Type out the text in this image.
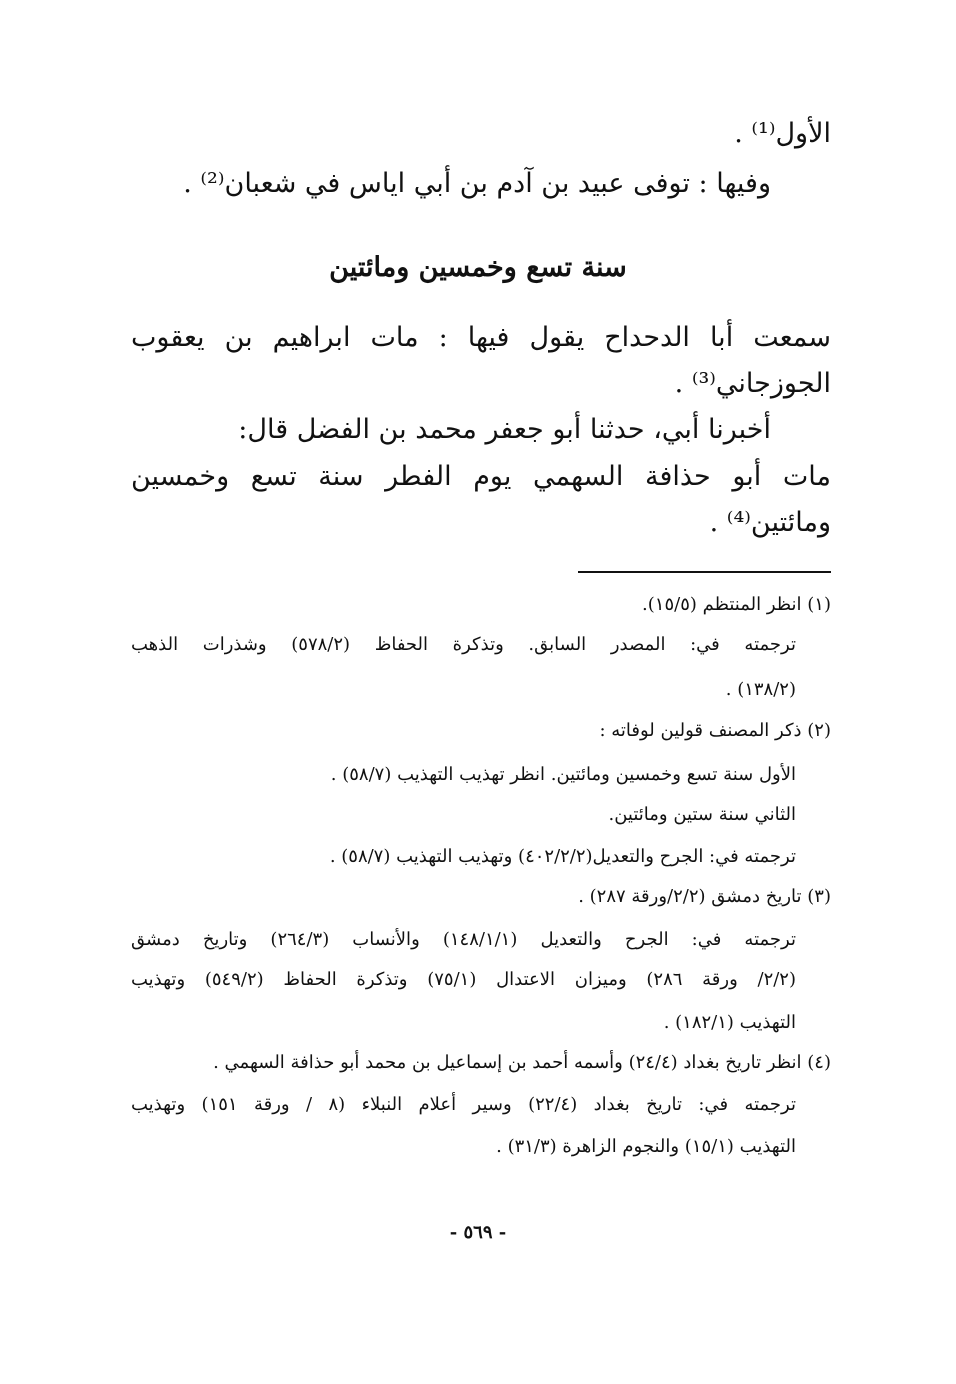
الأول⁽¹⁾ .
وفيها : توفى عبيد بن آدم بن أبي اياس في شعبان⁽²⁾ .
سنة تسع وخمسين ومائتين
سمعت أبا الدحداح يقول فيها : مات ابراهيم بن يعقوب
الجوزجاني⁽³⁾ .
أخبرنا أبي، حدثنا أبو جعفر محمد بن الفضل قال:
مات أبو حذافة السهمي يوم الفطر سنة تسع وخمسين
ومائتين⁽⁴⁾ .
(١) انظر المنتظم (١٥/٥).
ترجمته في: المصدر السابق. وتذكرة الحفاظ (٥٧٨/٢) وشذرات الذهب
(١٣٨/٢) .
(٢) ذكر المصنف قولين لوفاته :
الأول سنة تسع وخمسين ومائتين. انظر تهذيب التهذيب (٥٨/٧) .
الثاني سنة ستين ومائتين.
ترجمته في: الجرح والتعديل(٤٠٢/٢/٢) وتهذيب التهذيب (٥٨/٧) .
(٣) تاريخ دمشق (٢/٢/ورقة ٢٨٧) .
ترجمته في: الجرح والتعديل (١٤٨/١/١) والأنساب (٢٦٤/٣) وتاريخ دمشق
(٢/٢/ ورقة ٢٨٦) وميزان الاعتدال (٧٥/١) وتذكرة الحفاظ (٥٤٩/٢) وتهذيب
التهذيب (١٨٢/١) .
(٤) انظر تاريخ بغداد (٢٤/٤) وأسمه أحمد بن إسماعيل بن محمد أبو حذافة السهمي .
ترجمته في: تاريخ بغداد (٢٢/٤) وسير أعلام النبلاء (٨ / ورقة ١٥١) وتهذيب
التهذيب (١٥/١) والنجوم الزاهرة (٣١/٣) .
- ٥٦٩ -
